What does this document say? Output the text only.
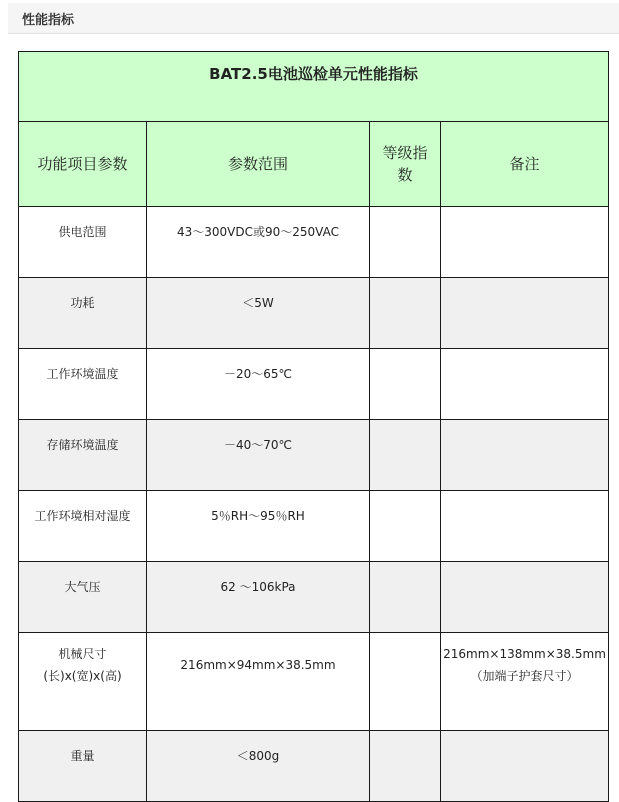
性能指标
BAT2.5电池巡检单元性能指标			
功能项目参数	参数范围	等级指数	备注
供电范围	43～300VDC或90～250VAC		
功耗	＜5W		
工作环境温度	－20～65℃		
存储环境温度	－40～70℃		
工作环境相对湿度	5％RH～95％RH		
大气压	62 ～106kPa		

机械尺寸
(长)x(宽)x(高)	216mm×94mm×38.5mm		216mm×138mm×38.5mm
（加端子护套尺寸）

重量	＜800g		
